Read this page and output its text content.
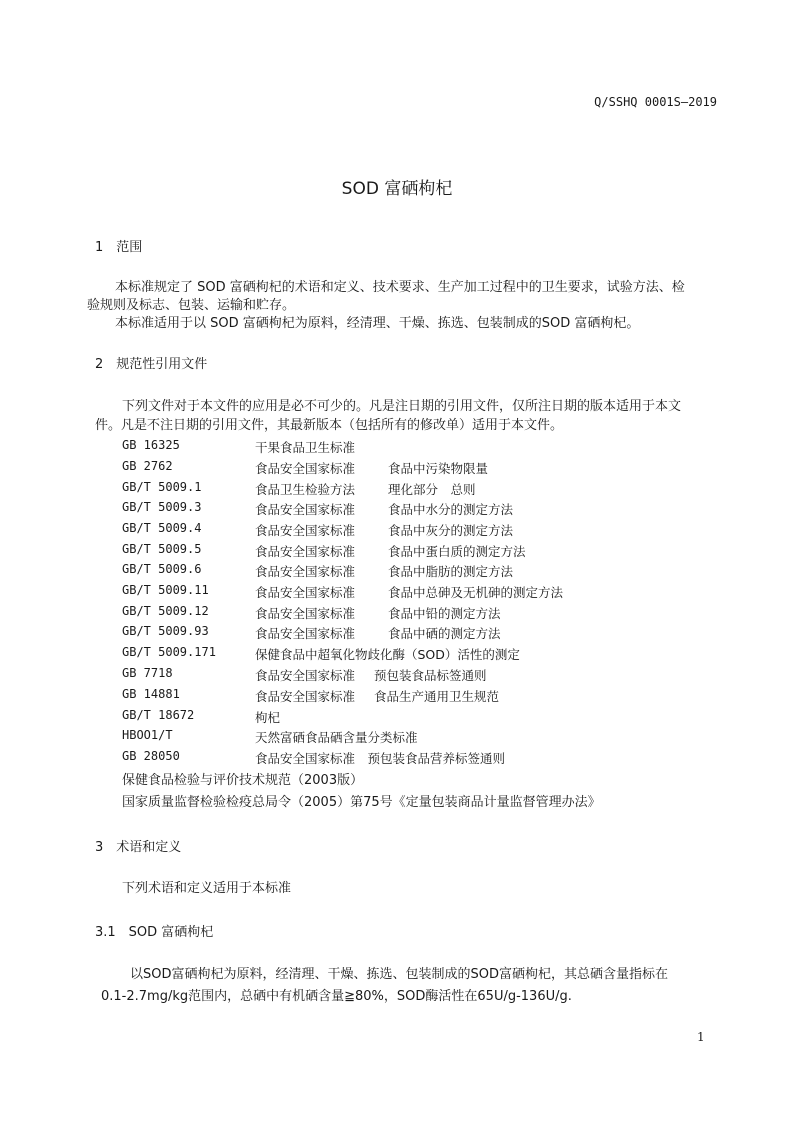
Q/SSHQ 0001S—2019
SOD 富硒枸杞
1　范围
本标准规定了 SOD 富硒枸杞的术语和定义、技术要求、生产加工过程中的卫生要求，试验方法、检
验规则及标志、包装、运输和贮存。
本标准适用于以 SOD 富硒枸杞为原料，经清理、干燥、拣选、包装制成的SOD 富硒枸杞。
2　规范性引用文件
下列文件对于本文件的应用是必不可少的。凡是注日期的引用文件，仅所注日期的版本适用于本文
件。凡是不注日期的引用文件，其最新版本（包括所有的修改单）适用于本文件。
GB 16325	干果食品卫生标准
GB 2762	食品安全国家标准	食品中污染物限量
GB/T 5009.1	食品卫生检验方法	理化部分　总则
GB/T 5009.3	食品安全国家标准	食品中水分的测定方法
GB/T 5009.4	食品安全国家标准	食品中灰分的测定方法
GB/T 5009.5	食品安全国家标准	食品中蛋白质的测定方法
GB/T 5009.6	食品安全国家标准	食品中脂肪的测定方法
GB/T 5009.11	食品安全国家标准	食品中总砷及无机砷的测定方法
GB/T 5009.12	食品安全国家标准	食品中铅的测定方法
GB/T 5009.93	食品安全国家标准	食品中硒的测定方法
GB/T 5009.171	保健食品中超氧化物歧化酶（SOD）活性的测定
GB 7718	食品安全国家标准 预包装食品标签通则
GB 14881	食品安全国家标准 食品生产通用卫生规范
GB/T 18672	枸杞
HBOO1/T	天然富硒食品硒含量分类标准
GB 28050	食品安全国家标准　预包装食品营养标签通则
保健食品检验与评价技术规范（2003版）
国家质量监督检验检疫总局令（2005）第75号《定量包装商品计量监督管理办法》
3　术语和定义
下列术语和定义适用于本标准
3.1　SOD 富硒枸杞
以SOD富硒枸杞为原料，经清理、干燥、拣选、包装制成的SOD富硒枸杞，其总硒含量指标在
0.1-2.7mg/kg范围内，总硒中有机硒含量≧80%，SOD酶活性在65U/g-136U/g.
1
